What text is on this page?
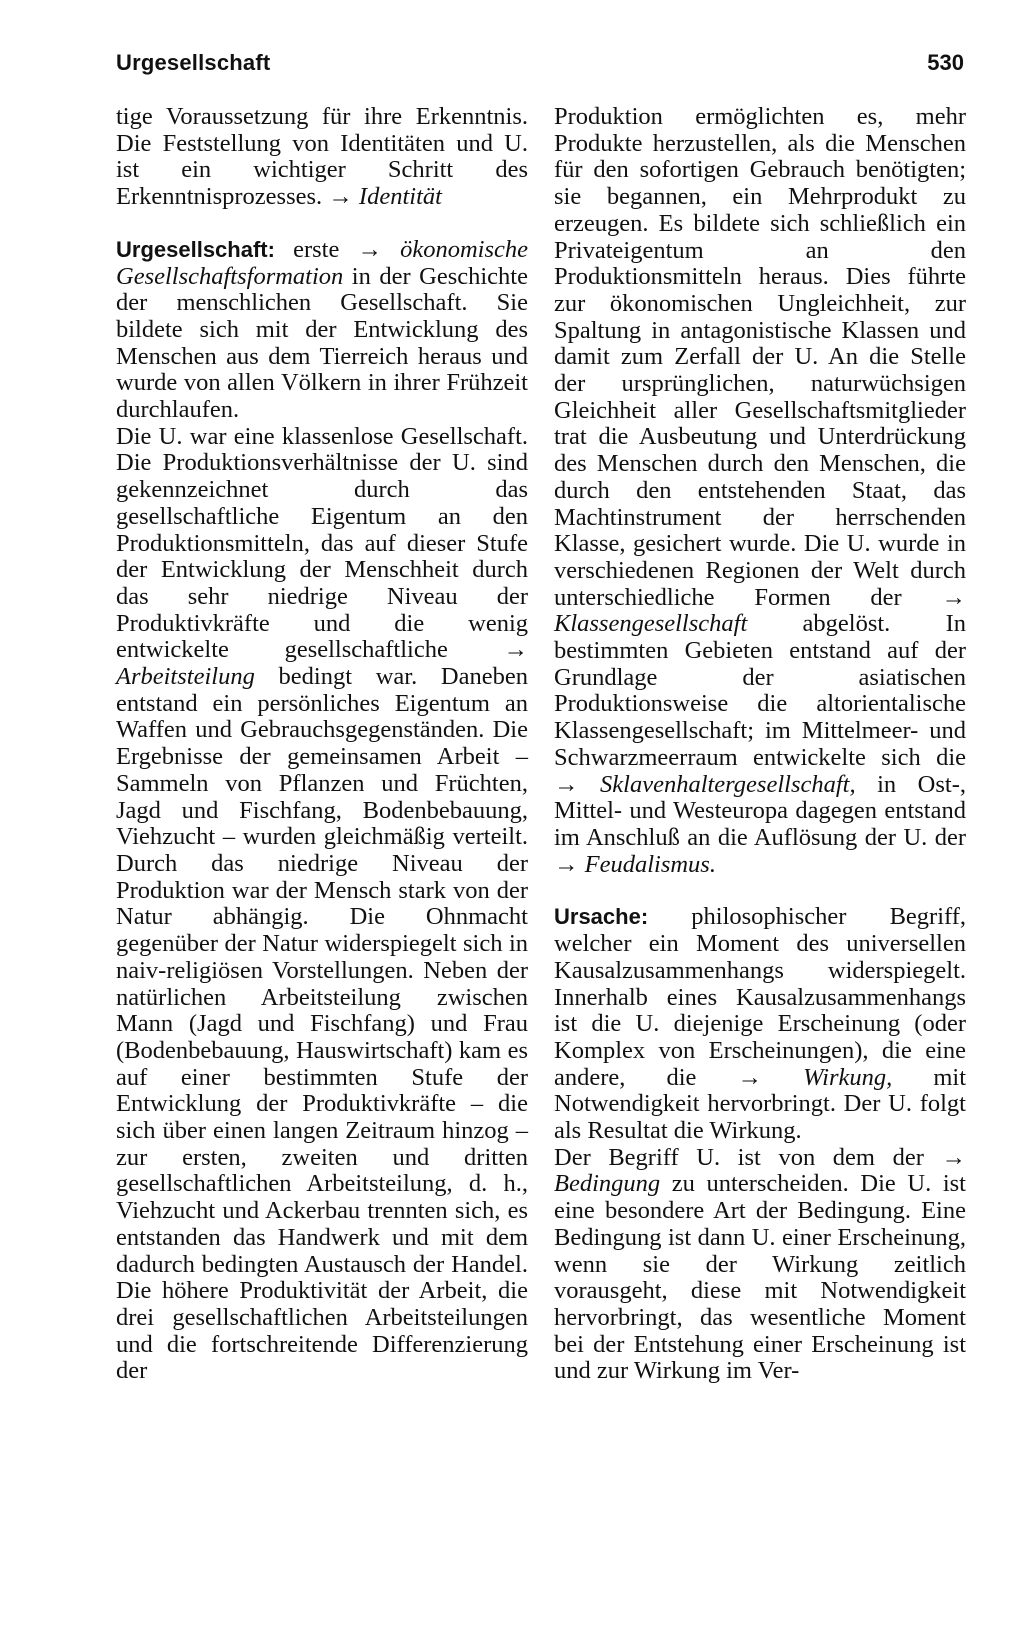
Urgesellschaft	530

tige Voraussetzung für ihre Erkenntnis. Die Feststellung von Identitäten und U. ist ein wichtiger Schritt des Erkenntnisprozesses. → Identität

Urgesellschaft: erste → ökonomische Gesellschaftsformation in der Geschichte der menschlichen Gesellschaft. Sie bildete sich mit der Entwicklung des Menschen aus dem Tierreich heraus und wurde von allen Völkern in ihrer Frühzeit durchlaufen.

Die U. war eine klassenlose Gesellschaft. Die Produktionsverhältnisse der U. sind gekennzeichnet durch das gesellschaftliche Eigentum an den Produktionsmitteln, das auf dieser Stufe der Entwicklung der Menschheit durch das sehr niedrige Niveau der Produktivkräfte und die wenig entwickelte gesellschaftliche → Arbeitsteilung bedingt war. Daneben entstand ein persönliches Eigentum an Waffen und Gebrauchsgegenständen. Die Ergebnisse der gemeinsamen Arbeit – Sammeln von Pflanzen und Früchten, Jagd und Fischfang, Bodenbebauung, Viehzucht – wurden gleichmäßig verteilt. Durch das niedrige Niveau der Produktion war der Mensch stark von der Natur abhängig. Die Ohnmacht gegenüber der Natur widerspiegelt sich in naiv-religiösen Vorstellungen. Neben der natürlichen Arbeitsteilung zwischen Mann (Jagd und Fischfang) und Frau (Bodenbebauung, Hauswirtschaft) kam es auf einer bestimmten Stufe der Entwicklung der Produktivkräfte – die sich über einen langen Zeitraum hinzog – zur ersten, zweiten und dritten gesellschaftlichen Arbeitsteilung, d. h., Viehzucht und Ackerbau trennten sich, es entstanden das Handwerk und mit dem dadurch bedingten Austausch der Handel. Die höhere Produktivität der Arbeit, die drei gesellschaftlichen Arbeitsteilungen und die fortschreitende Differenzierung der

Produktion ermöglichten es, mehr Produkte herzustellen, als die Menschen für den sofortigen Gebrauch benötigten; sie begannen, ein Mehrprodukt zu erzeugen. Es bildete sich schließlich ein Privateigentum an den Produktionsmitteln heraus. Dies führte zur ökonomischen Ungleichheit, zur Spaltung in antagonistische Klassen und damit zum Zerfall der U. An die Stelle der ursprünglichen, naturwüchsigen Gleichheit aller Gesellschaftsmitglieder trat die Ausbeutung und Unterdrückung des Menschen durch den Menschen, die durch den entstehenden Staat, das Machtinstrument der herrschenden Klasse, gesichert wurde. Die U. wurde in verschiedenen Regionen der Welt durch unterschiedliche Formen der → Klassengesellschaft abgelöst. In bestimmten Gebieten entstand auf der Grundlage der asiatischen Produktionsweise die altorientalische Klassengesellschaft; im Mittelmeer- und Schwarzmeerraum entwickelte sich die → Sklavenhaltergesellschaft, in Ost-, Mittel- und Westeuropa dagegen entstand im Anschluß an die Auflösung der U. der → Feudalismus.

Ursache: philosophischer Begriff, welcher ein Moment des universellen Kausalzusammenhangs widerspiegelt. Innerhalb eines Kausalzusammenhangs ist die U. diejenige Erscheinung (oder Komplex von Erscheinungen), die eine andere, die → Wirkung, mit Notwendigkeit hervorbringt. Der U. folgt als Resultat die Wirkung.

Der Begriff U. ist von dem der → Bedingung zu unterscheiden. Die U. ist eine besondere Art der Bedingung. Eine Bedingung ist dann U. einer Erscheinung, wenn sie der Wirkung zeitlich vorausgeht, diese mit Notwendigkeit hervorbringt, das wesentliche Moment bei der Entstehung einer Erscheinung ist und zur Wirkung im Ver-
